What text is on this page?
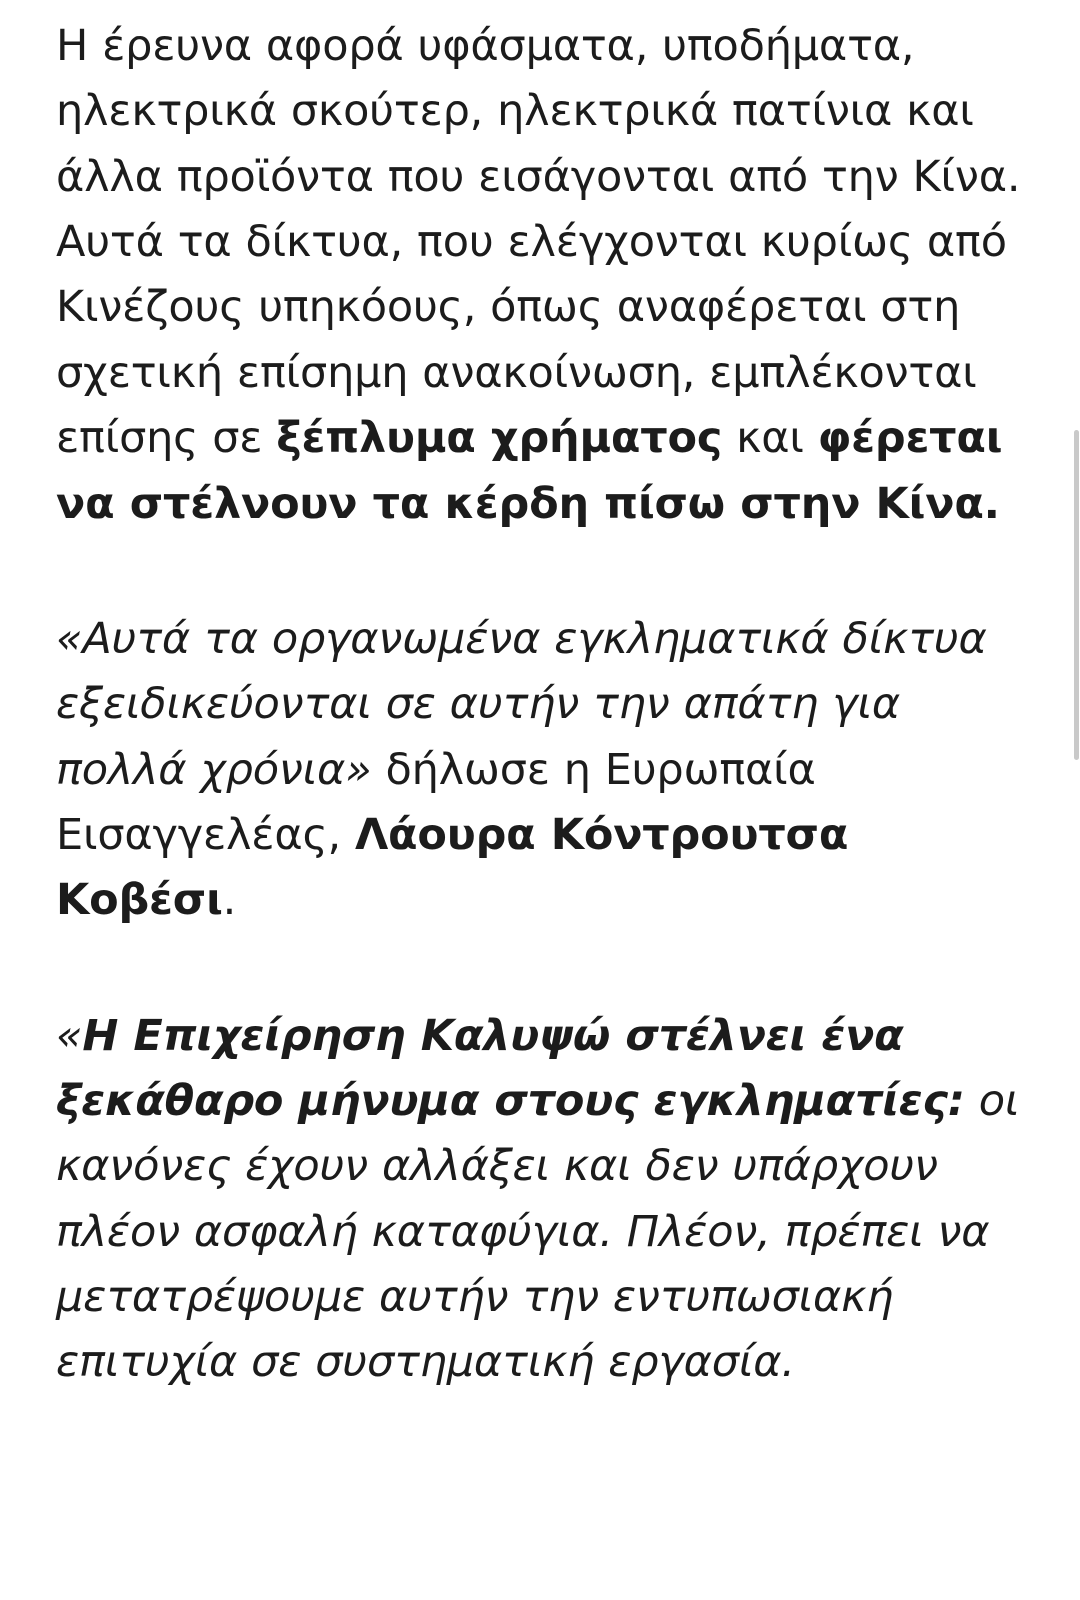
Η έρευνα αφορά υφάσματα, υποδήματα, ηλεκτρικά σκούτερ, ηλεκτρικά πατίνια και άλλα προϊόντα που εισάγονται από την Κίνα. Αυτά τα δίκτυα, που ελέγχονται κυρίως από Κινέζους υπηκόους, όπως αναφέρεται στη σχετική επίσημη ανακοίνωση, εμπλέκονται επίσης σε ξέπλυμα χρήματος και φέρεται να στέλνουν τα κέρδη πίσω στην Κίνα.

«Αυτά τα οργανωμένα εγκληματικά δίκτυα εξειδικεύονται σε αυτήν την απάτη για πολλά χρόνια» δήλωσε η Ευρωπαία Εισαγγελέας, Λάουρα Κόντρουτσα Κοβέσι.

«Η Επιχείρηση Καλυψώ στέλνει ένα ξεκάθαρο μήνυμα στους εγκληματίες: οι κανόνες έχουν αλλάξει και δεν υπάρχουν πλέον ασφαλή καταφύγια. Πλέον, πρέπει να μετατρέψουμε αυτήν την εντυπωσιακή επιτυχία σε συστηματική εργασία.
